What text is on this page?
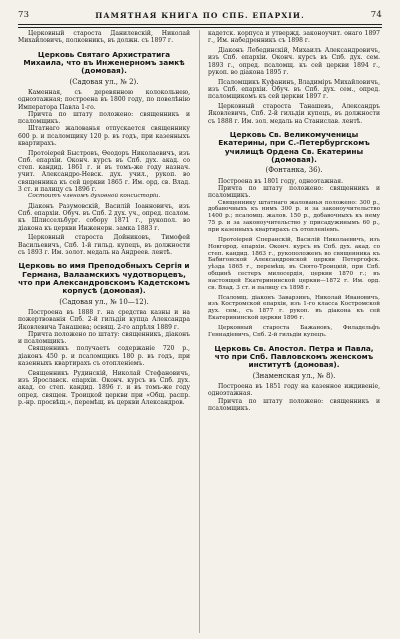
73	ПАМЯТНАЯ КНИГА ПО СПБ. ЕПАРХІИ.	74

Церковный староста Данилевскій, Николай Михайловичъ, полковникъ, въ должн. съ 1897 г.

Церковь Святаго Архистратига Михаила, что въ Инженерномъ замкѣ (домовая).

(Садовая ул., № 2).

Каменная, съ деревянною колокольнею, одноэтажная; построена въ 1800 году, по повелѣнію Императора Павла 1-го.

Причта по штату положено: священникъ и псаломщикъ.

Штатнаго жалованья отпускается священнику 600 р. и псаломщику 120 р. въ годъ, при казенныхъ квартирахъ.

Протоіерей Быстровъ, Өеодоръ Николаевичъ, изъ Спб. епархіи. Оконч. курсъ въ Спб. дух. акад. со степ. кандид. 1861 г. и въ томъ-же году назнач. учит. Александро-Невск. дух. учил., рукоп. во священника къ сей церкви 1865 г. Им. орд. св. Влад. 3 ст. и палицу съ 1896 г.

Состоитъ членомъ духовной консисторіи.

Діаконъ Разумовскій, Василій Іоанновичъ, изъ Спб. епархіи. Обуч. въ Спб. 2 дух. уч., опред. псалом. къ Шлиссельбург. собору 1871 г., рукопол. во діакона къ церкви Инженерн. замка 1883 г.

Церковный староста Дойниковъ, Тимофей Васильевичъ, Спб. 1-й гильд. купецъ, въ должности съ 1893 г. Им. золот. медаль на Андреев. лентѣ.

Церковь во имя Преподобныхъ Сергія и Германа, Валаамскихъ чудотворцевъ, что при Александровскомъ Кадетскомъ корпусѣ (домовая).

(Садовая ул., № 10—12).

Построена въ 1888 г. на средства казны и на пожертвованія Спб. 2-й гильдіи купца Александра Яковлевича Танашева; освящ. 2-го апрѣля 1889 г.

Причта положено по штату: священникъ, діаконъ и псаломщикъ.

Священникъ получаетъ содержаніе 720 р., діаконъ 450 р. и псаломщикъ 180 р. въ годъ, при казенныхъ квартирахъ съ отопленіемъ.

Священникъ Рудинскій, Николай Стефановичъ, изъ Ярославск. епархіи. Оконч. курсъ въ Спб. дух. акад. со степ. кандид. 1896 г. и въ томъ-же году опред. священ. Троицкой церкви при «Общ. распр. р.-нр. просвѣщ.», перемѣщ. въ церкви Александров.

кадетск. корпуса и утвержд. законоучит. онаго 1897 г., Им. набедренникъ съ 1898 г.

Діаконъ Лебединскій, Михаилъ Александровичъ, изъ Спб. епархіи. Оконч. курсъ въ Спб. дух. сем. 1893 г., опред. псаломщ. къ сей церкви 1894 г., рукоп. во діакона 1895 г.

Псаломщикъ Куфанинъ, Владиміръ Михайловичъ, изъ Спб. епархіи. Обуч. въ Спб. дух. сем., опред. псаломщикомъ къ сей церкви 1897 г.

Церковный староста Танашевъ, Александръ Яковлевичъ, Спб. 2-й гильдіи купецъ, въ должности съ 1888 г. Им. зол. медаль на Станислав. лентѣ.

Церковь Св. Великомученицы Екатерины, при С.-Петербургскомъ училищѣ Ордена Св. Екатерины (домовая).

(Фонтанка, 36).

Построена въ 1801 году, одноэтажная.

Причта по штату положено: священникъ и псаломщикъ.

Священнику штатнаго жалованья положено: 300 р., добавочныхъ къ нимъ 300 р. и за законоучительство 1400 р.; псаломщ. жалов. 150 р., добавочныхъ къ нему 75 р. и за законоучительство у присадужинымъ 60 р., при казенныхъ квартирахъ съ отопленіемъ.

Протоіерей Сперанскій, Василій Николаевичъ, изъ Новгород. епархіи. Оконч. курсъ въ Спб. дух. акад. со степ. кандид. 1863 г., рукоположенъ во священника къ Бабигонской Александровской церкви Петергофск. уѣзда 1865 г., перемѣщ. въ Свято-Троицкій, при Спб. общинѣ сестеръ милосердія, церкви 1870 г.; въ настоящей Екатерининской церкви—1872 г. Им. орд. св. Влад. 3 ст. и палицу съ 1898 г.

Псаломщ. діаконъ Заварзинъ, Николай Ивановичъ, изъ Костромской епархіи, изъ 1-го класса Костромской дух. сем., съ 1877 г. рукоп. въ діакона къ сей Екатерининской церкви 1896 г.

Церковный староста Бажановъ, Филадельфъ Геннадіевичъ, Спб. 2-й гильдіи купецъ.

Церковь Св. Апостол. Петра и Павла, что при Спб. Павловскомъ женскомъ институтѣ (домовая).

(Знаменская ул., № 8).

Построена въ 1851 году на казенное иждивеніе, одноэтажная.

Причта по штату положено: священникъ и псаломщикъ.
